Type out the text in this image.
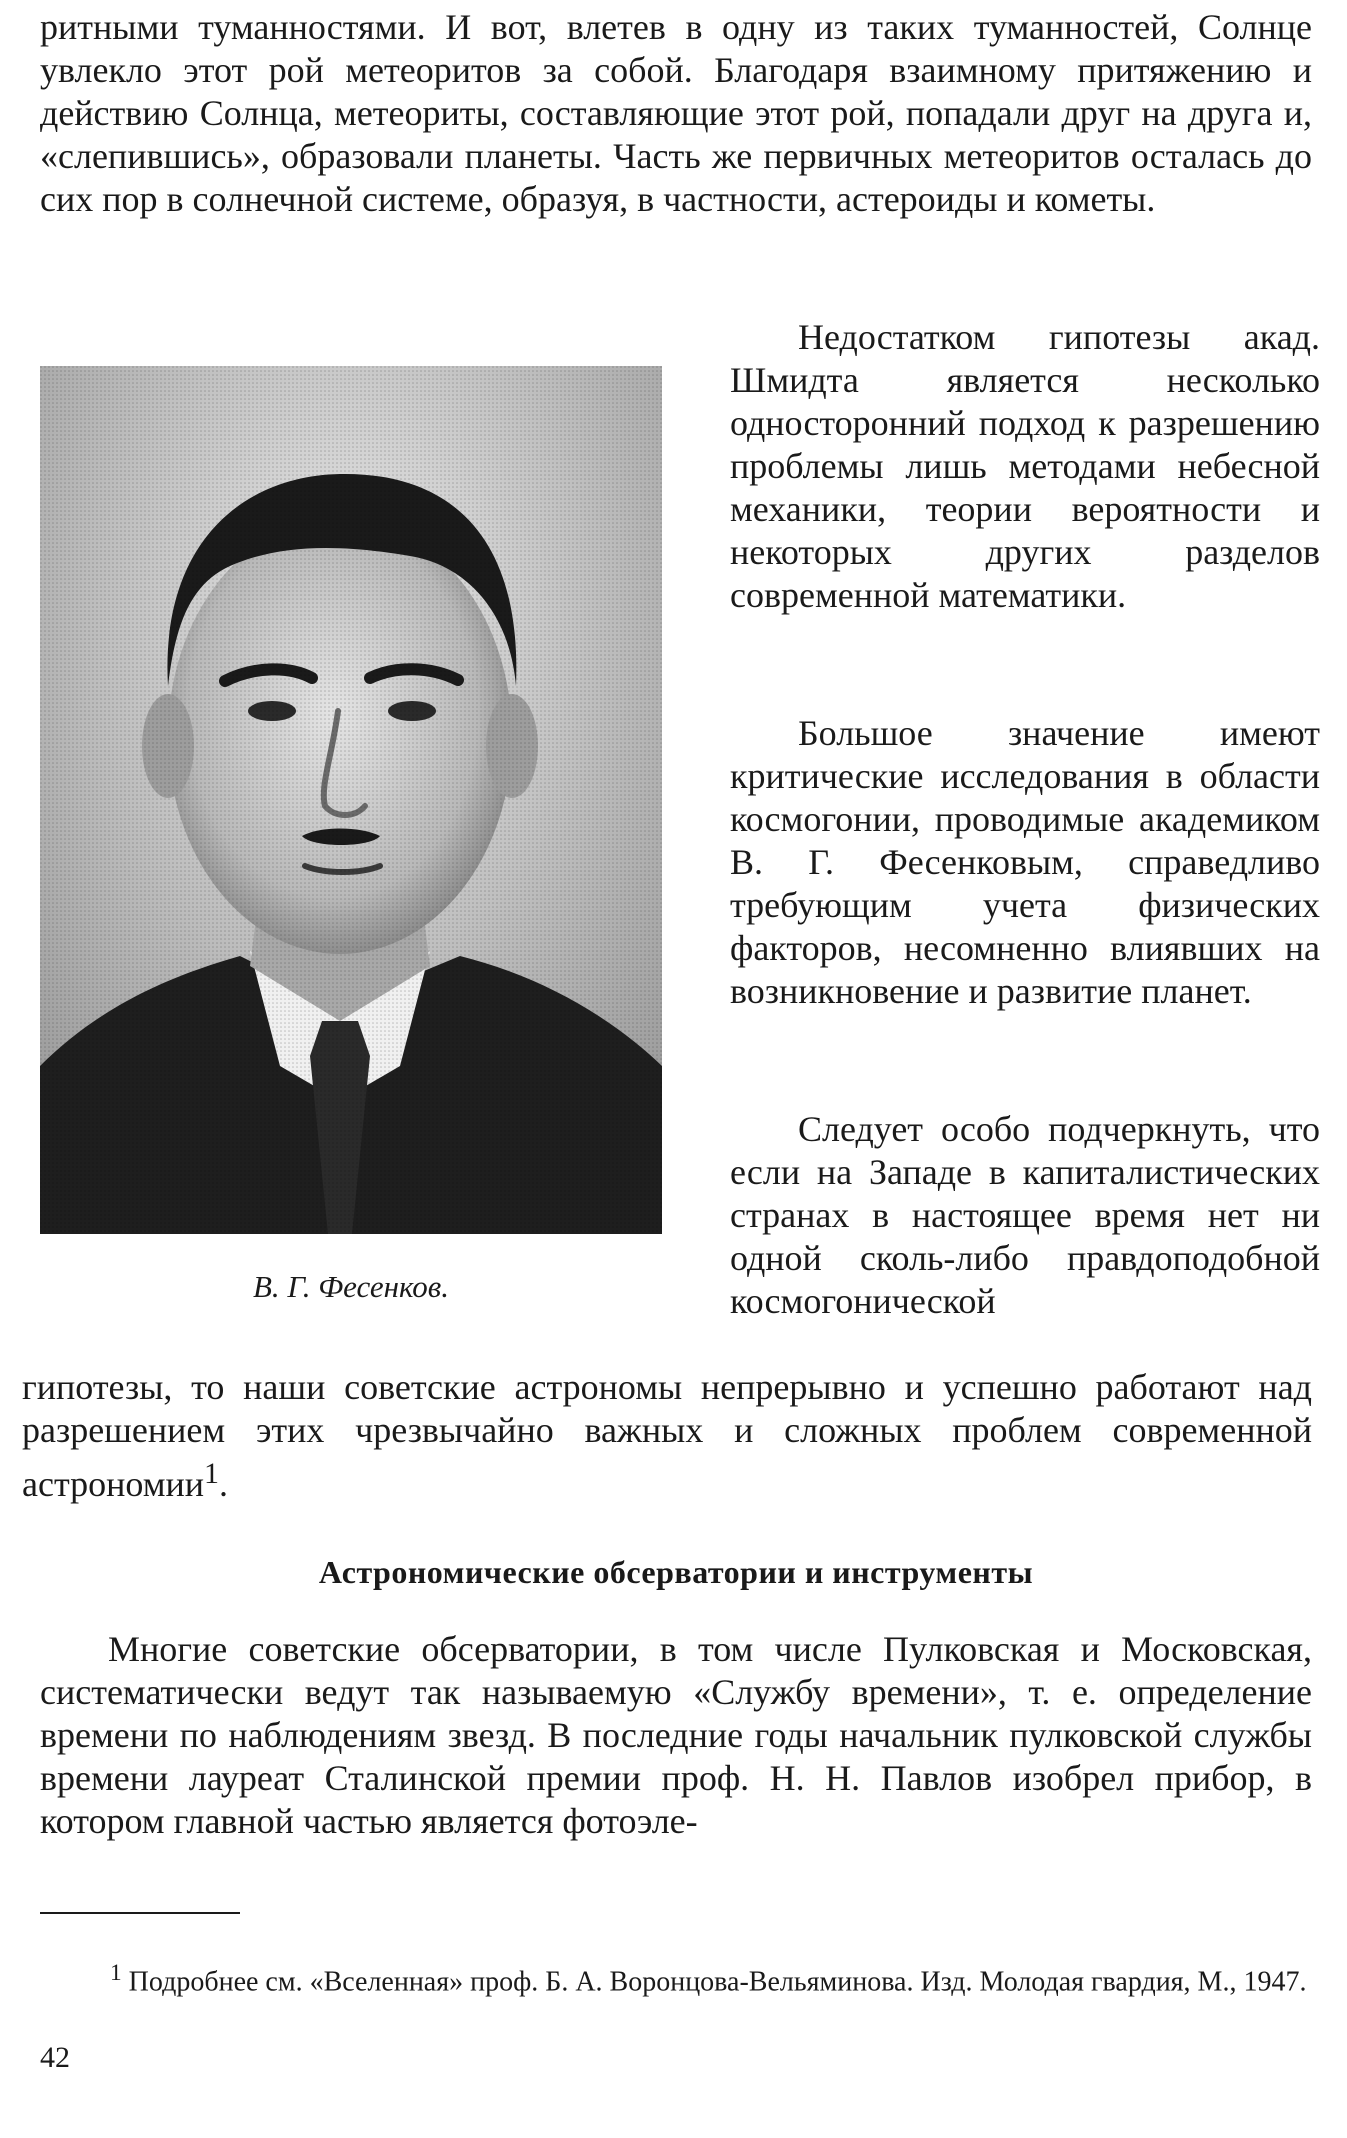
ритными туманностями. И вот, влетев в одну из таких туманностей, Солнце увлекло этот рой метеоритов за собой. Благодаря взаимному притяжению и действию Солнца, метеориты, составляющие этот рой, попадали друг на друга и, «слепившись», образовали планеты. Часть же первичных метеоритов осталась до сих пор в солнечной системе, образуя, в частности, астероиды и кометы.

В. Г. Фесенков.

Недостатком гипотезы акад. Шмидта является несколько односторонний подход к разрешению проблемы лишь методами небесной механики, теории вероятности и некоторых других разделов современной математики.

Большое значение имеют критические исследования в области космогонии, проводимые академиком В. Г. Фесенковым, справедливо требующим учета физических факторов, несомненно влиявших на возникновение и развитие планет.

Следует особо подчеркнуть, что если на Западе в капиталистических странах в настоящее время нет ни одной сколь-либо правдоподобной космогонической

гипотезы, то наши советские астрономы непрерывно и успешно работают над разрешением этих чрезвычайно важных и сложных проблем современной астрономии$^1$.

Астрономические обсерватории и инструменты

Многие советские обсерватории, в том числе Пулковская и Московская, систематически ведут так называемую «Службу времени», т. е. определение времени по наблюдениям звезд. В последние годы начальник пулковской службы времени лауреат Сталинской премии проф. Н. Н. Павлов изобрел прибор, в котором главной частью является фотоэле-

$^1$ Подробнее см. «Вселенная» проф. Б. А. Воронцова-Вельяминова. Изд. Молодая гвардия, М., 1947.

42
